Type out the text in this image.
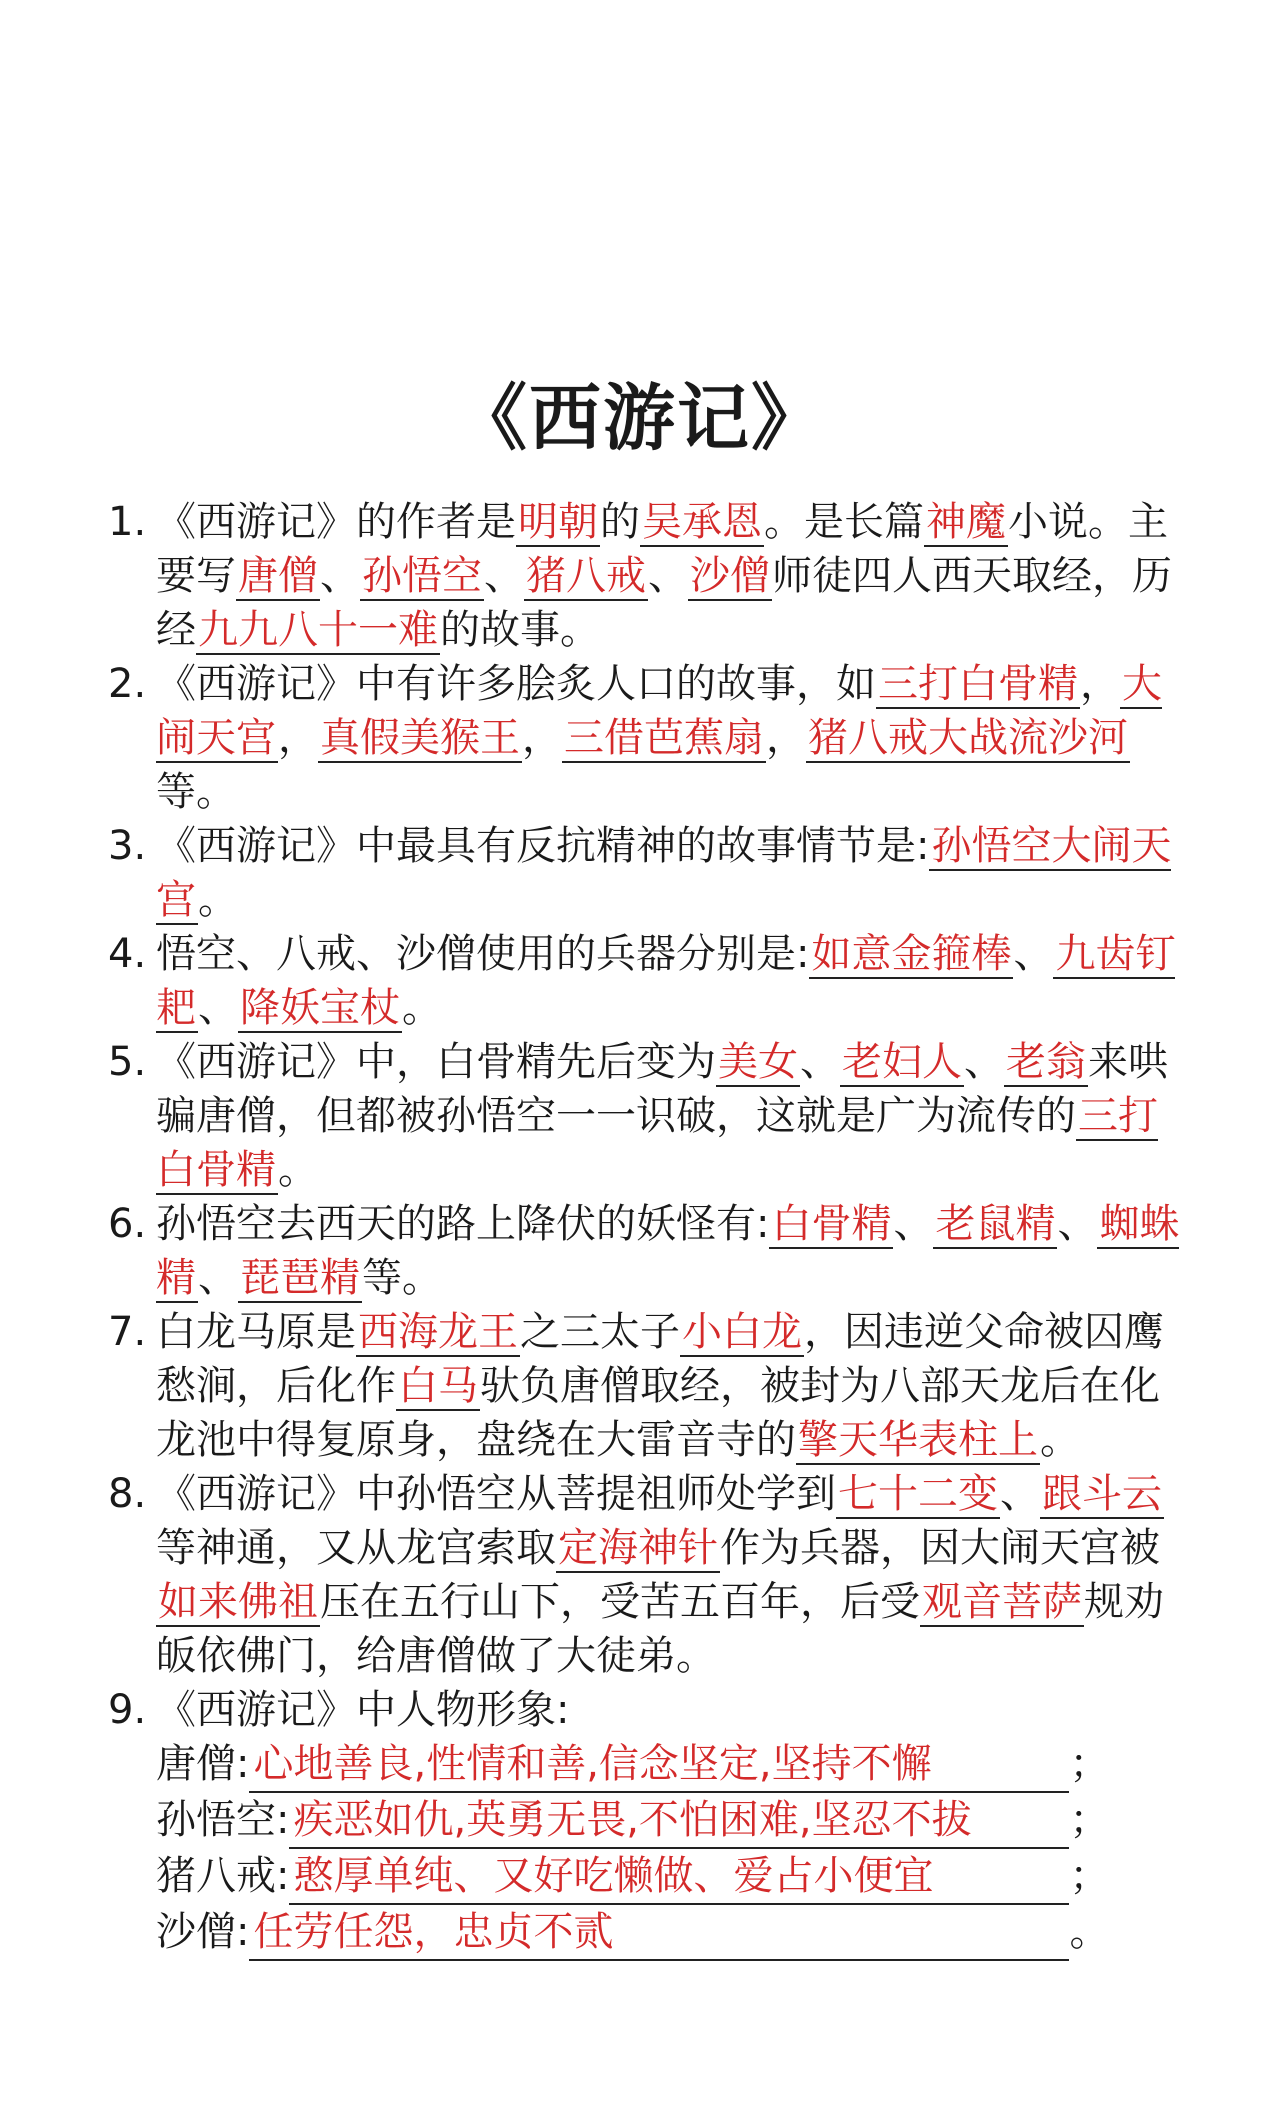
《西游记》
1. 《西游记》的作者是明朝的吴承恩。是长篇神魔小说。主要写唐僧、孙悟空、猪八戒、沙僧师徒四人西天取经，历经九九八十一难的故事。
2. 《西游记》中有许多脍炙人口的故事，如三打白骨精，大闹天宫，真假美猴王，三借芭蕉扇，猪八戒大战流沙河等。
3. 《西游记》中最具有反抗精神的故事情节是:孙悟空大闹天宫。
4. 悟空、八戒、沙僧使用的兵器分别是:如意金箍棒、九齿钉耙、降妖宝杖。
5. 《西游记》中，白骨精先后变为美女、老妇人、老翁来哄骗唐僧，但都被孙悟空一一识破，这就是广为流传的三打白骨精。
6. 孙悟空去西天的路上降伏的妖怪有:白骨精、老鼠精、蜘蛛精、琵琶精等。
7. 白龙马原是西海龙王之三太子小白龙，因违逆父命被囚鹰愁涧，后化作白马驮负唐僧取经，被封为八部天龙后在化龙池中得复原身，盘绕在大雷音寺的擎天华表柱上。
8. 《西游记》中孙悟空从菩提祖师处学到七十二变、跟斗云等神通，又从龙宫索取定海神针作为兵器，因大闹天宫被如来佛祖压在五行山下，受苦五百年，后受观音菩萨规劝皈依佛门，给唐僧做了大徒弟。
9. 《西游记》中人物形象:
唐僧: 心地善良,性情和善,信念坚定,坚持不懈	；
孙悟空: 疾恶如仇,英勇无畏,不怕困难,坚忍不拔	；
猪八戒: 憨厚单纯、又好吃懒做、爱占小便宜	；
沙僧: 任劳任怨，忠贞不贰	。
